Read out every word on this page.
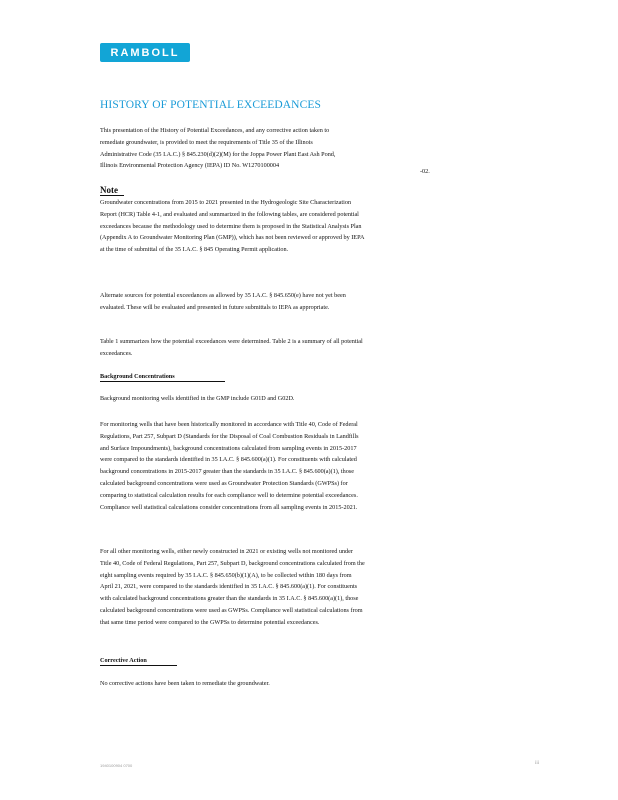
RAMBOLL
HISTORY OF POTENTIAL EXCEEDANCES

This presentation of the History of Potential Exceedances, and any corrective action taken to
remediate groundwater, is provided to meet the requirements of Title 35 of the Illinois
Administrative Code (35 I.A.C.) § 845.230(d)(2)(M) for the Joppa Power Plant East Ash Pond,
Illinois Environmental Protection Agency (IEPA) ID No. W1270100004

-02.
Note

Groundwater concentrations from 2015 to 2021 presented in the Hydrogeologic Site Characterization Report (HCR) Table 4-1, and evaluated and summarized in the following tables, are considered potential exceedances because the methodology used to determine them is proposed in the Statistical Analysis Plan (Appendix A to Groundwater Monitoring Plan (GMP)), which has not been reviewed or approved by IEPA at the time of submittal of the 35 I.A.C. § 845 Operating Permit application.

Alternate sources for potential exceedances as allowed by 35 I.A.C. § 845.650(e) have not yet been evaluated. These will be evaluated and presented in future submittals to IEPA as appropriate.

Table 1 summarizes how the potential exceedances were determined. Table 2 is a summary of all potential exceedances.

Background Concentrations

Background monitoring wells identified in the GMP include G01D and G02D.

For monitoring wells that have been historically monitored in accordance with Title 40, Code of Federal Regulations, Part 257, Subpart D (Standards for the Disposal of Coal Combustion Residuals in Landfills and Surface Impoundments), background concentrations calculated from sampling events in 2015-2017 were compared to the standards identified in 35 I.A.C. § 845.600(a)(1). For constituents with calculated background concentrations in 2015-2017 greater than the standards in 35 I.A.C. § 845.600(a)(1), those calculated background concentrations were used as Groundwater Protection Standards (GWPSs) for comparing to statistical calculation results for each compliance well to determine potential exceedances. Compliance well statistical calculations consider concentrations from all sampling events in 2015-2021.

For all other monitoring wells, either newly constructed in 2021 or existing wells not monitored under Title 40, Code of Federal Regulations, Part 257, Subpart D, background concentrations calculated from the eight sampling events required by 35 I.A.C. § 845.650(b)(1)(A), to be collected within 180 days from April 21, 2021, were compared to the standards identified in 35 I.A.C. § 845.600(a)(1). For constituents with calculated background concentrations greater than the standards in 35 I.A.C. § 845.600(a)(1), those calculated background concentrations were used as GWPSs. Compliance well statistical calculations from that same time period were compared to the GWPSs to determine potential exceedances.

Corrective Action

No corrective actions have been taken to remediate the groundwater.

1940100904 0700	iii
